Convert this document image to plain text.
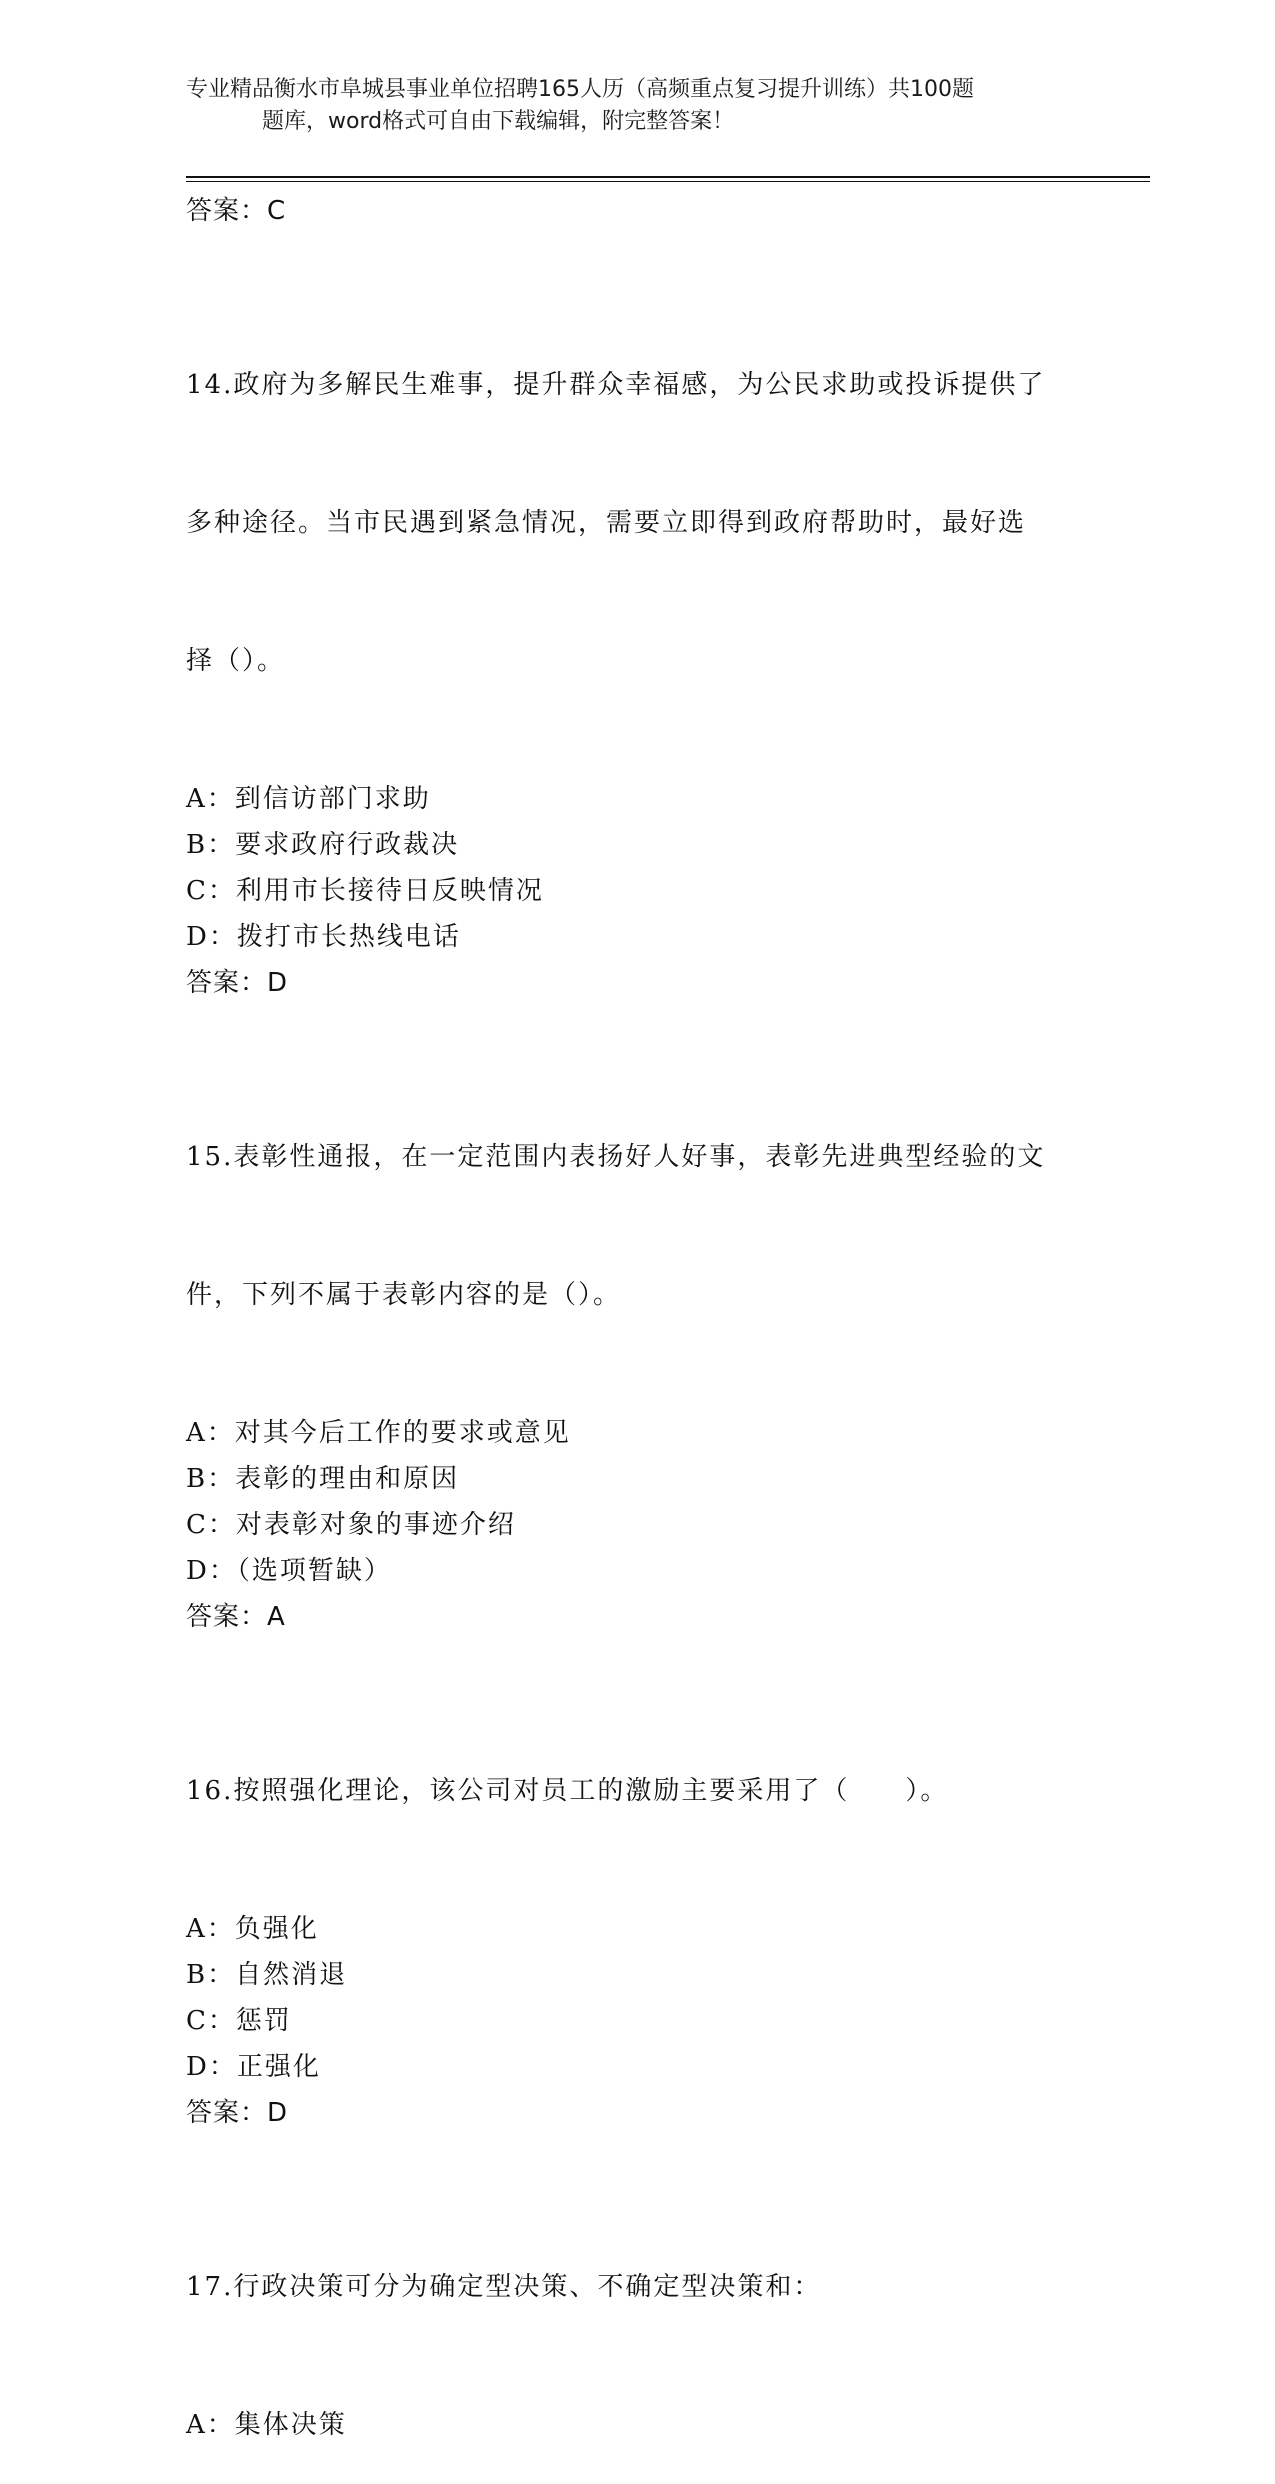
专业精品衡水市阜城县事业单位招聘165人历（高频重点复习提升训练）共100题
题库，word格式可自由下载编辑，附完整答案！
答案：C

14.政府为多解民生难事，提升群众幸福感，为公民求助或投诉提供了

多种途径。当市民遇到紧急情况，需要立即得到政府帮助时，最好选

择（）。

A：到信访部门求助
B：要求政府行政裁决
C：利用市长接待日反映情况
D：拨打市长热线电话
答案：D

15.表彰性通报，在一定范围内表扬好人好事，表彰先进典型经验的文

件，下列不属于表彰内容的是（）。

A：对其今后工作的要求或意见
B：表彰的理由和原因
C：对表彰对象的事迹介绍
D：（选项暂缺）
答案：A

16.按照强化理论，该公司对员工的激励主要采用了（　　）。

A：负强化
B：自然消退
C：惩罚
D：正强化
答案：D

17.行政决策可分为确定型决策、不确定型决策和：

A：集体决策
